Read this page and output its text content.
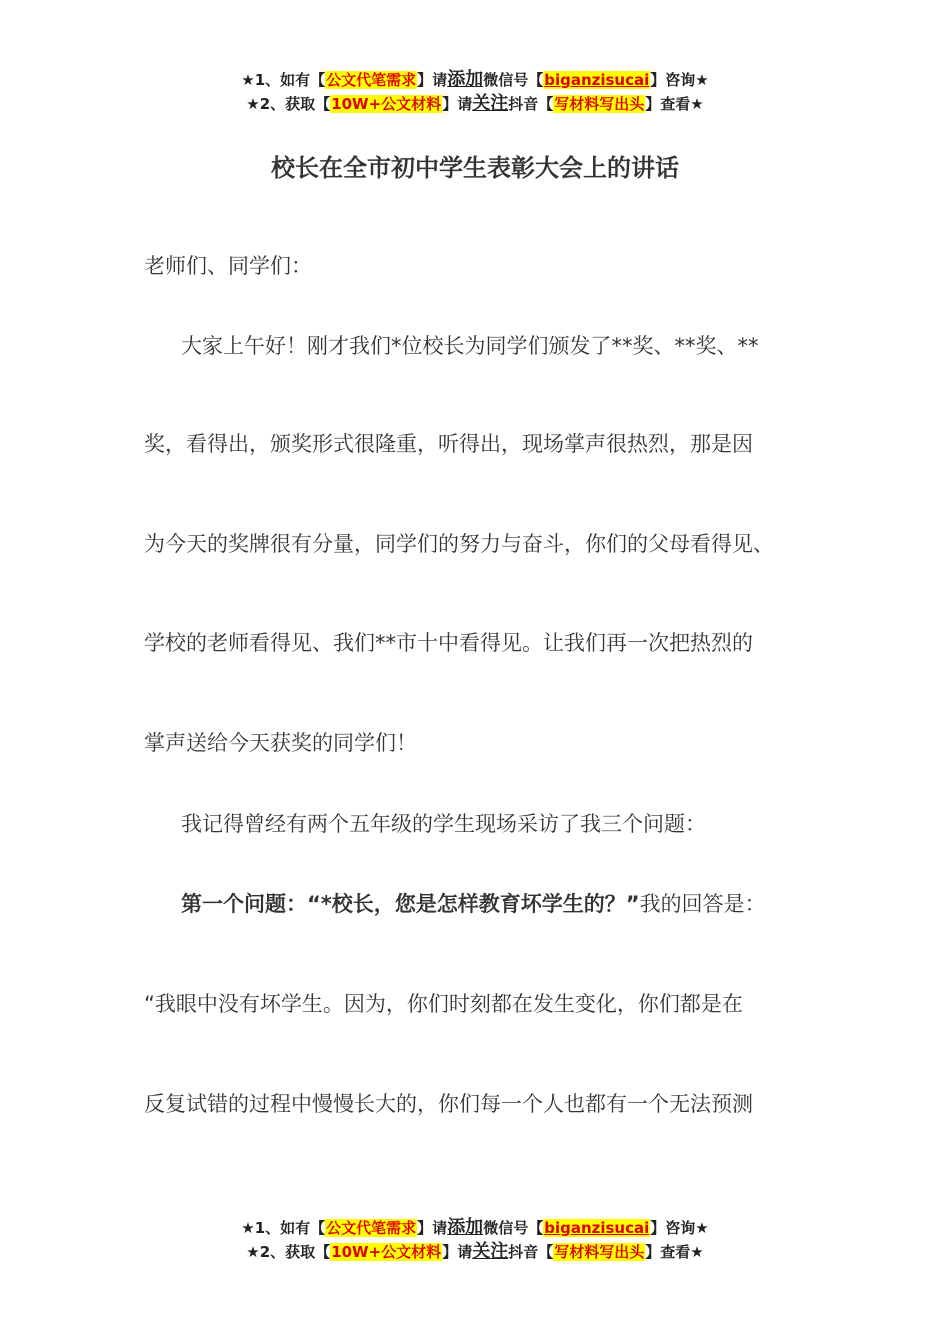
★1、如有【公文代笔需求】请添加微信号【biganzisucai】咨询★
★2、获取【10W+公文材料】请关注抖音【写材料写出头】查看★
校长在全市初中学生表彰大会上的讲话
老师们、同学们：
大家上午好！刚才我们*位校长为同学们颁发了**奖、**奖、**
奖，看得出，颁奖形式很隆重，听得出，现场掌声很热烈，那是因
为今天的奖牌很有分量，同学们的努力与奋斗，你们的父母看得见、
学校的老师看得见、我们**市十中看得见。让我们再一次把热烈的
掌声送给今天获奖的同学们！
我记得曾经有两个五年级的学生现场采访了我三个问题：
第一个问题：“*校长，您是怎样教育坏学生的？”我的回答是：
“我眼中没有坏学生。因为，你们时刻都在发生变化，你们都是在
反复试错的过程中慢慢长大的，你们每一个人也都有一个无法预测
★1、如有【公文代笔需求】请添加微信号【biganzisucai】咨询★
★2、获取【10W+公文材料】请关注抖音【写材料写出头】查看★
